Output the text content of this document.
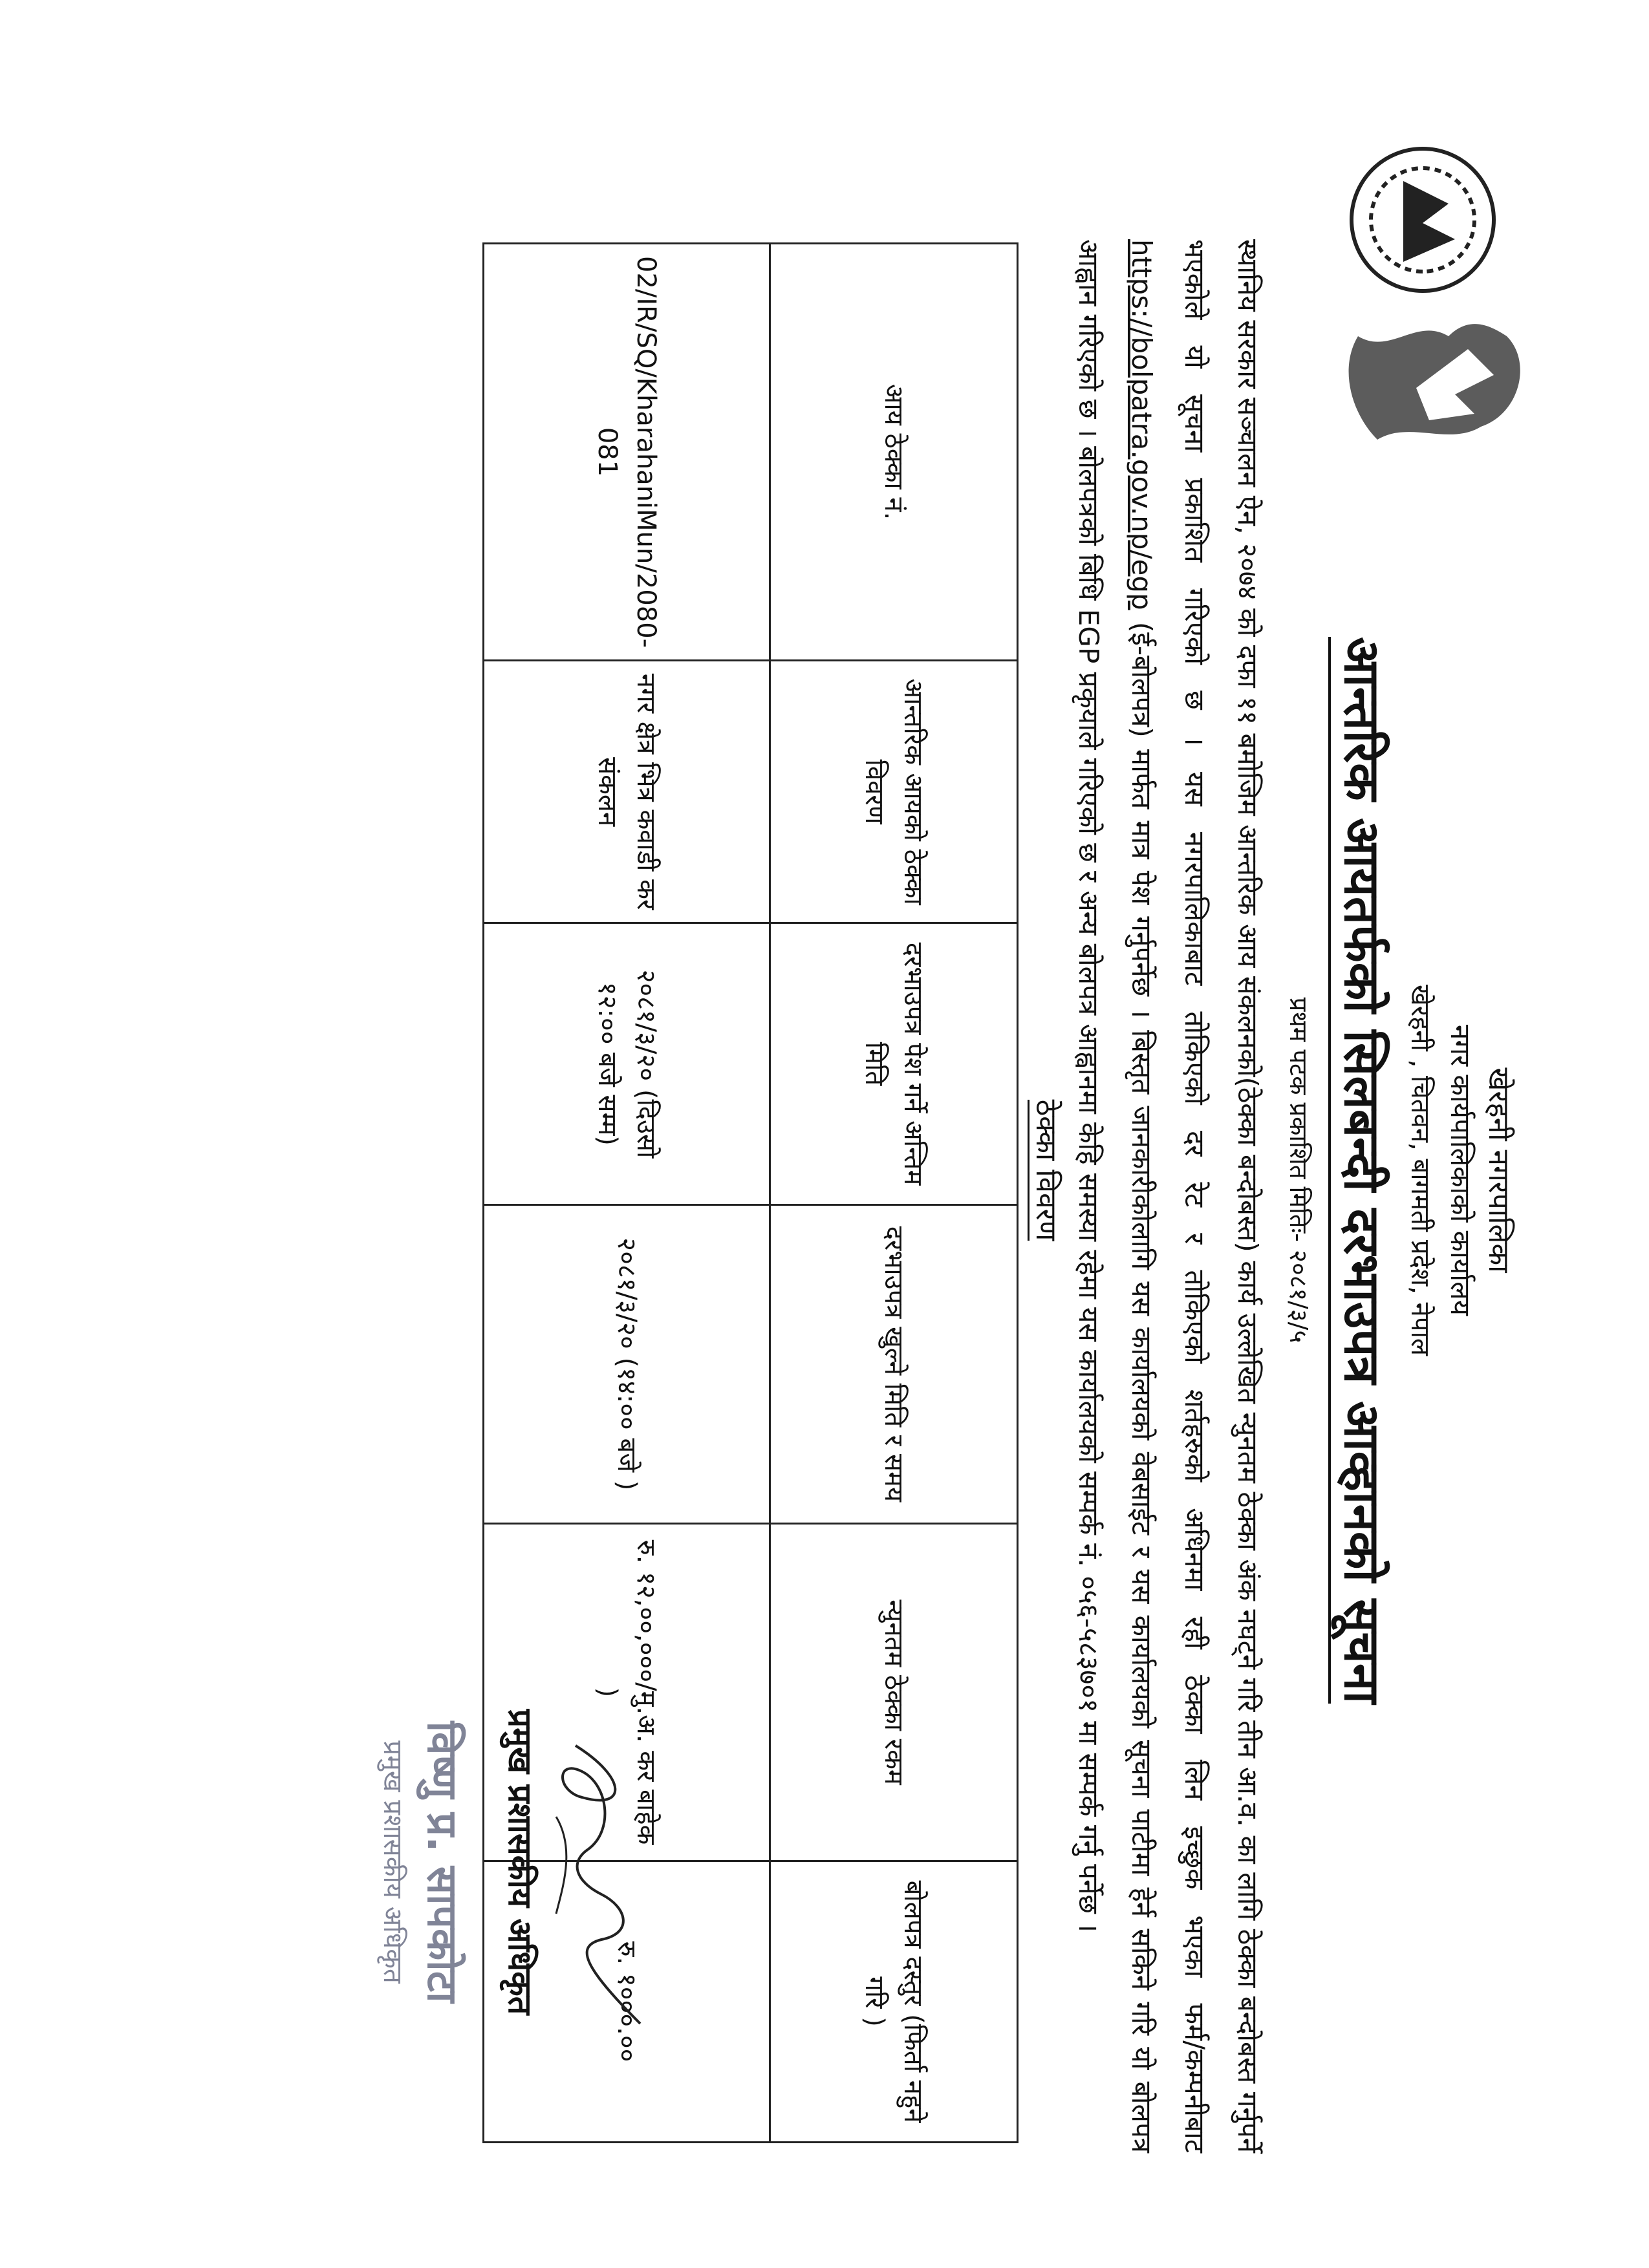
खेरहनी नगरपालिका
नगर कार्यपालिकाको कार्यालय
खेरहनी , चितवन, बागमती प्रदेश, नेपाल
आन्तरिक आयतर्फको सिलबन्दी दरभाउपत्र आव्हानको सूचना
प्रथम पटक प्रकाशित मितिः- २०८१/३/५
स्थानिय सरकार सञ्चालन ऐन, २०७४ को दफा ११ बमोजिम आन्तरिक आय संकलनको(ठेक्का बन्दोबस्त) कार्य उल्लेखित न्युनतम ठेक्का अंक नघट्ने गरि तीन आ.व. का लागि ठेक्का बन्दोबस्त गर्नुपर्ने भएकोले यो सूचना प्रकाशित गरिएको छ । यस नगरपालिकाबाट तोकिएको दर रेट र तोकिएको शर्तहरुको अधिनमा रही ठेक्का लिन इच्छुक भएका फर्म/कम्पनीबाट https://bolpatra.gov.np/egp (ई-बोलपत्र) मार्फत मात्र पेश गर्नुपर्नेछ । बिस्तृत जानकारीकोलागि यस कार्यालयको वेबसाईट र यस कार्यालयको सूचना पाटीमा हेर्न सकिने गरि यो बोलपत्र आह्वान गरिएको छ । बोलपत्रको बिधि EGP प्रकृयाले गरिएको छ र अन्य बोलपत्र आह्वानमा केहि समस्या रहेमा यस कार्यालयको सम्पर्क नं. ०५६-५८३७०१ मा सम्पर्क गर्नु पर्नेछ ।
ठेक्का विवरण
आय ठेक्का नं.	आन्तरिक आयको ठेक्का विवरण	दरभाउपत्र पेश गर्ने अन्तिम मिति	दरभाउपत्र खुल्ने मिति र समय	न्युनतम ठेक्का रकम	बोलपत्र दस्तुर (फिर्ता नहुने गरि )
02/IR/SQ/KharahaniMun/2080-081	नगर क्षेत्र भित्र कवाडी कर संकलन	२०८१/३/२० (दिउसो १२:०० बजे सम्म)	२०८१/३/२० (१४:०० बजे )	रु. १२,००,०००/मु.अ. कर बाहेक )	रु. १०००.००
प्रमुख प्रशासकीय अधिकृत
विष्णु प्र. सापकोटा
प्रमुख प्रशासकीय अधिकृत
